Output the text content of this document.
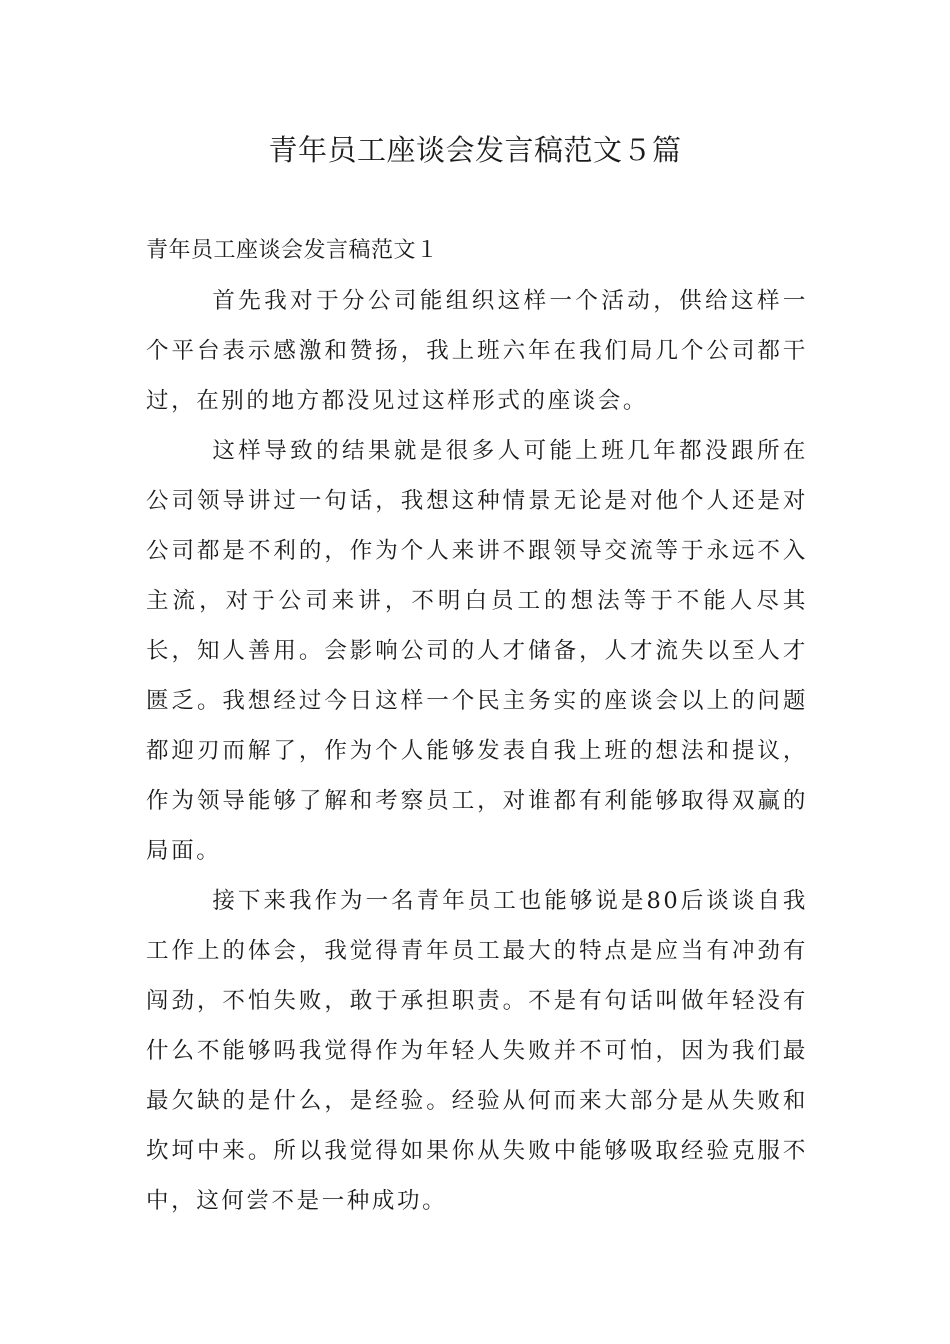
青年员工座谈会发言稿范文５篇

青年员工座谈会发言稿范文１

首先我对于分公司能组织这样一个活动，供给这样一个平台表示感激和赞扬，我上班六年在我们局几个公司都干过，在别的地方都没见过这样形式的座谈会。

这样导致的结果就是很多人可能上班几年都没跟所在公司领导讲过一句话，我想这种情景无论是对他个人还是对公司都是不利的，作为个人来讲不跟领导交流等于永远不入主流，对于公司来讲，不明白员工的想法等于不能人尽其长，知人善用。会影响公司的人才储备，人才流失以至人才匮乏。我想经过今日这样一个民主务实的座谈会以上的问题都迎刃而解了，作为个人能够发表自我上班的想法和提议，作为领导能够了解和考察员工，对谁都有利能够取得双赢的局面。

接下来我作为一名青年员工也能够说是80后谈谈自我工作上的体会，我觉得青年员工最大的特点是应当有冲劲有闯劲，不怕失败，敢于承担职责。不是有句话叫做年轻没有什么不能够吗我觉得作为年轻人失败并不可怕，因为我们最最欠缺的是什么，是经验。经验从何而来大部分是从失败和坎坷中来。所以我觉得如果你从失败中能够吸取经验克服不中，这何尝不是一种成功。
